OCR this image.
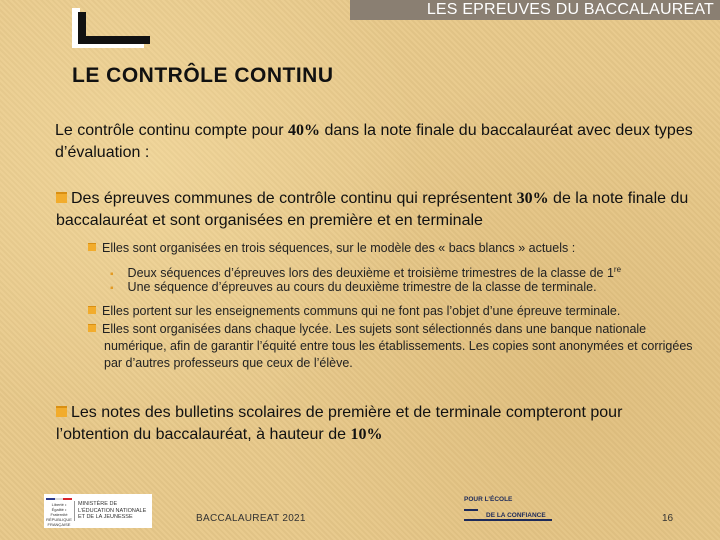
LES EPREUVES DU BACCALAUREAT
LE CONTRÔLE CONTINU
Le contrôle continu compte pour 40% dans la note finale du baccalauréat avec deux types d’évaluation :
Des épreuves communes de contrôle continu qui représentent 30% de la note finale du baccalauréat et sont organisées en première et en terminale
Elles sont organisées en trois séquences, sur le modèle des « bacs blancs » actuels :
▪ Deux séquences d’épreuves lors des deuxième et troisième trimestres de la classe de 1re
▪ Une séquence d’épreuves au cours du deuxième trimestre de la classe de terminale.
Elles portent sur les enseignements communs qui ne font pas l’objet d’une épreuve terminale.
Elles sont organisées dans chaque lycée. Les sujets sont sélectionnés dans une banque nationale numérique, afin de garantir l’équité entre tous les établissements. Les copies sont anonymées et corrigées par d’autres professeurs que ceux de l’élève.
Les notes des bulletins scolaires de première et de terminale compteront pour l’obtention du baccalauréat, à hauteur de 10%
Liberté • Égalité • Fraternité RÉPUBLIQUE FRANÇAISE
MINISTÈRE DE L’ÉDUCATION NATIONALE ET DE LA JEUNESSE	BACCALAUREAT 2021
POUR L’ÉCOLE
DE LA CONFIANCE	16
